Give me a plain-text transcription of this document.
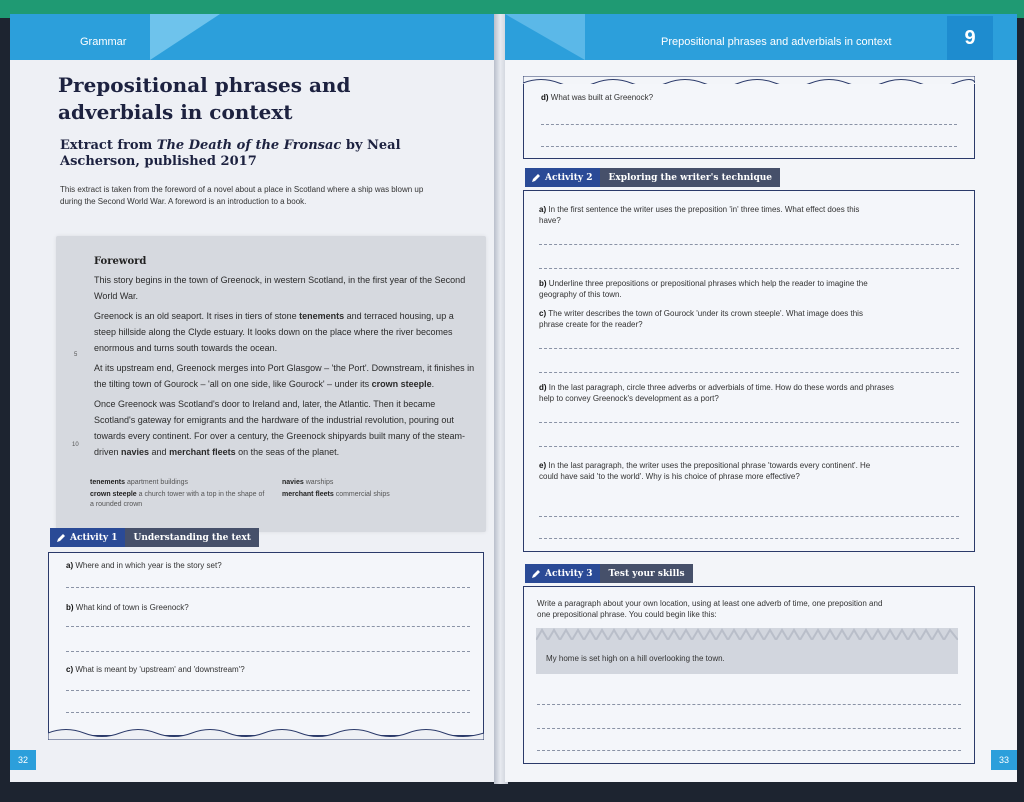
Grammar
Prepositional phrases and adverbials in context
Extract from The Death of the Fronsac by Neal Ascherson, published 2017
This extract is taken from the foreword of a novel about a place in Scotland where a ship was blown up during the Second World War. A foreword is an introduction to a book.
Foreword

This story begins in the town of Greenock, in western Scotland, in the first year of the Second World War.

Greenock is an old seaport. It rises in tiers of stone tenements and terraced housing, up a steep hillside along the Clyde estuary. It looks down on the place where the river becomes enormous and turns south towards the ocean.

At its upstream end, Greenock merges into Port Glasgow – 'the Port'. Downstream, it finishes in the tilting town of Gourock – 'all on one side, like Gourock' – under its crown steeple.

Once Greenock was Scotland's door to Ireland and, later, the Atlantic. Then it became Scotland's gateway for emigrants and the hardware of the industrial revolution, pouring out towards every continent. For over a century, the Greenock shipyards built many of the steam-driven navies and merchant fleets on the seas of the planet.

5
10
tenements apartment buildings
crown steeple a church tower with a top in the shape of a rounded crown
navies warships
merchant fleets commercial ships
Activity 1	Understanding the text
a) Where and in which year is the story set?
b) What kind of town is Greenock?
c) What is meant by 'upstream' and 'downstream'?
32
Prepositional phrases and adverbials in context	9
d) What was built at Greenock?
Activity 2	Exploring the writer's technique
a) In the first sentence the writer uses the preposition 'in' three times. What effect does this have?
b) Underline three prepositions or prepositional phrases which help the reader to imagine the geography of this town.
c) The writer describes the town of Gourock 'under its crown steeple'. What image does this phrase create for the reader?
d) In the last paragraph, circle three adverbs or adverbials of time. How do these words and phrases help to convey Greenock's development as a port?
e) In the last paragraph, the writer uses the prepositional phrase 'towards every continent'. He could have said 'to the world'. Why is his choice of phrase more effective?
Activity 3	Test your skills
Write a paragraph about your own location, using at least one adverb of time, one preposition and one prepositional phrase. You could begin like this:
33
My home is set high on a hill overlooking the town.
